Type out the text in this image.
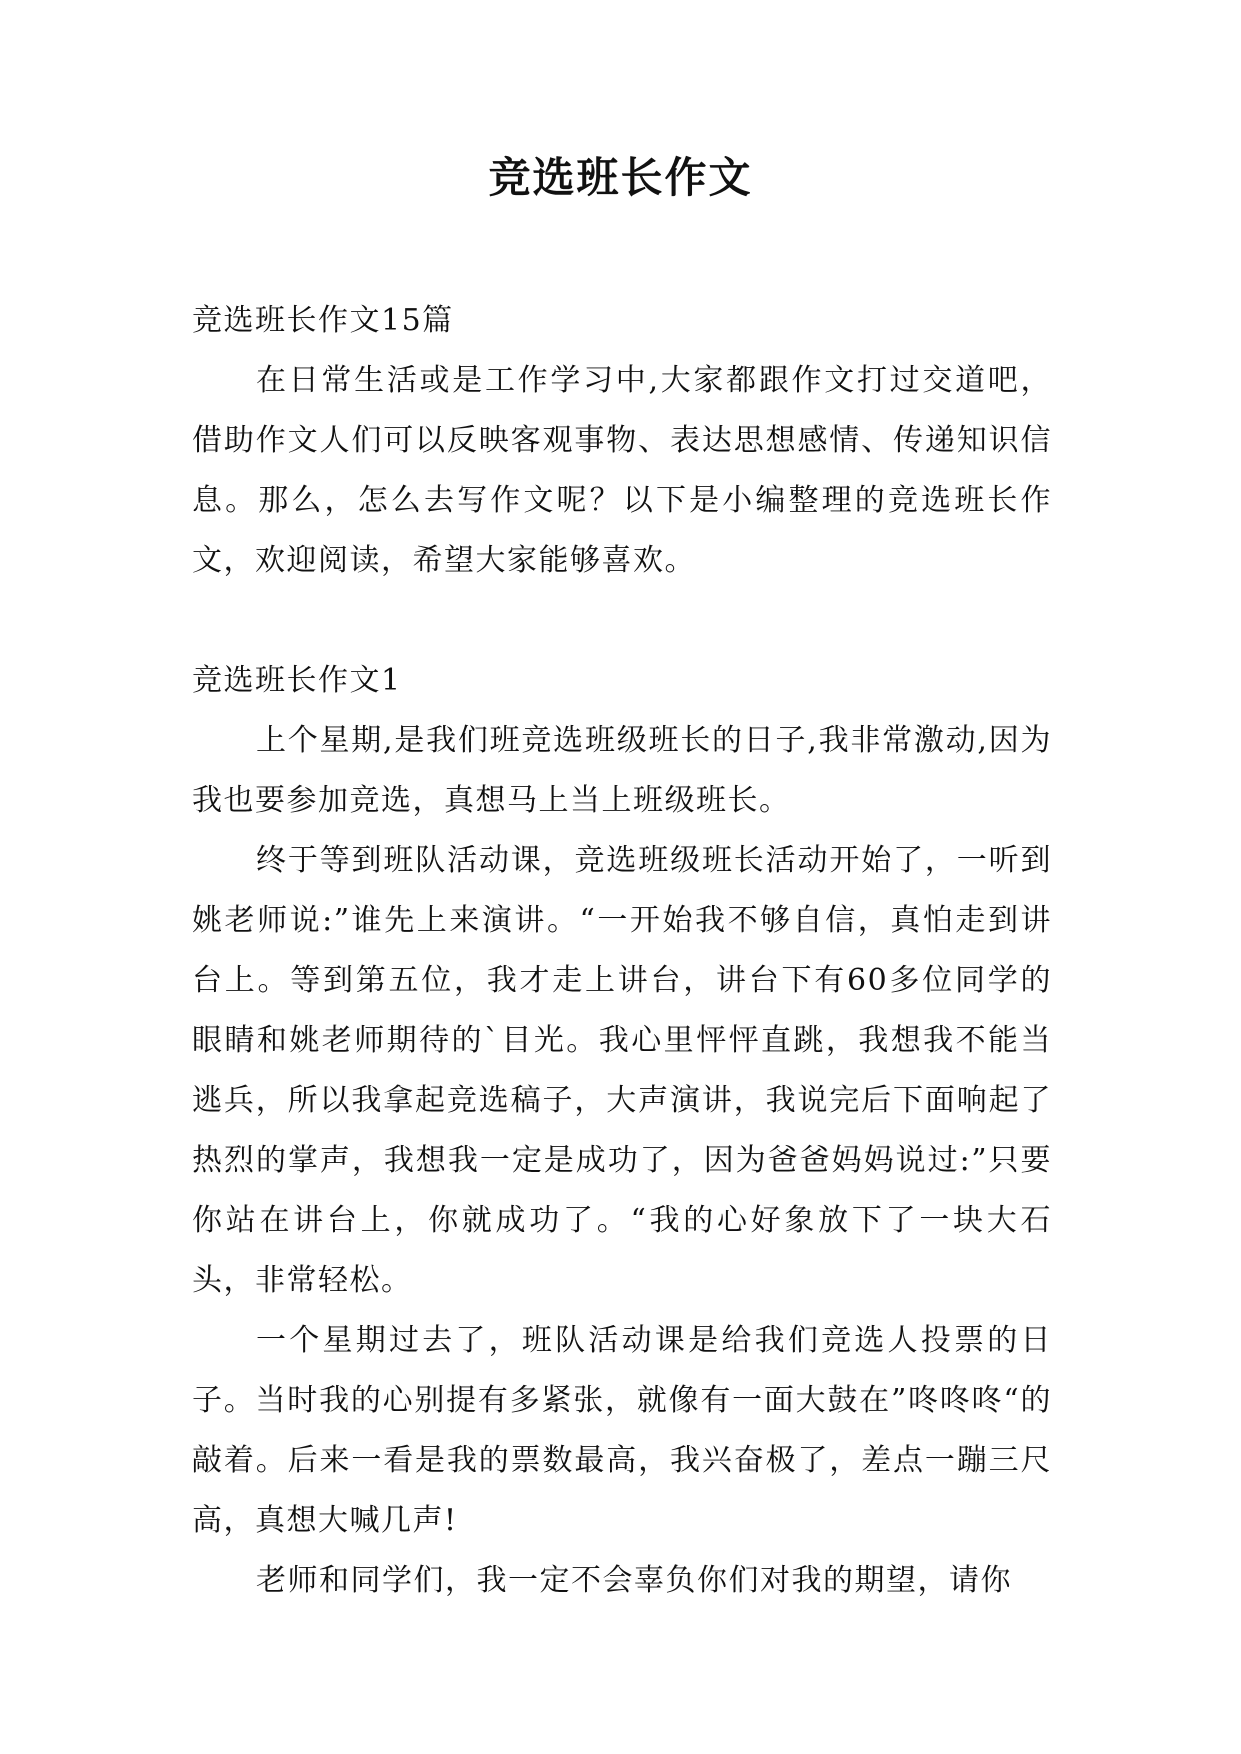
竞选班长作文

竞选班长作文15篇

在日常生活或是工作学习中,大家都跟作文打过交道吧，借助作文人们可以反映客观事物、表达思想感情、传递知识信息。那么，怎么去写作文呢？以下是小编整理的竞选班长作文，欢迎阅读，希望大家能够喜欢。

竞选班长作文1

上个星期,是我们班竞选班级班长的日子,我非常激动,因为我也要参加竞选，真想马上当上班级班长。

终于等到班队活动课，竞选班级班长活动开始了，一听到姚老师说:”谁先上来演讲。“一开始我不够自信，真怕走到讲台上。等到第五位，我才走上讲台，讲台下有60多位同学的眼睛和姚老师期待的`目光。我心里怦怦直跳，我想我不能当逃兵，所以我拿起竞选稿子，大声演讲，我说完后下面响起了热烈的掌声，我想我一定是成功了，因为爸爸妈妈说过:”只要你站在讲台上，你就成功了。“我的心好象放下了一块大石头，非常轻松。

一个星期过去了，班队活动课是给我们竞选人投票的日子。当时我的心别提有多紧张，就像有一面大鼓在”咚咚咚“的敲着。后来一看是我的票数最高，我兴奋极了，差点一蹦三尺高，真想大喊几声!

老师和同学们，我一定不会辜负你们对我的期望，请你
